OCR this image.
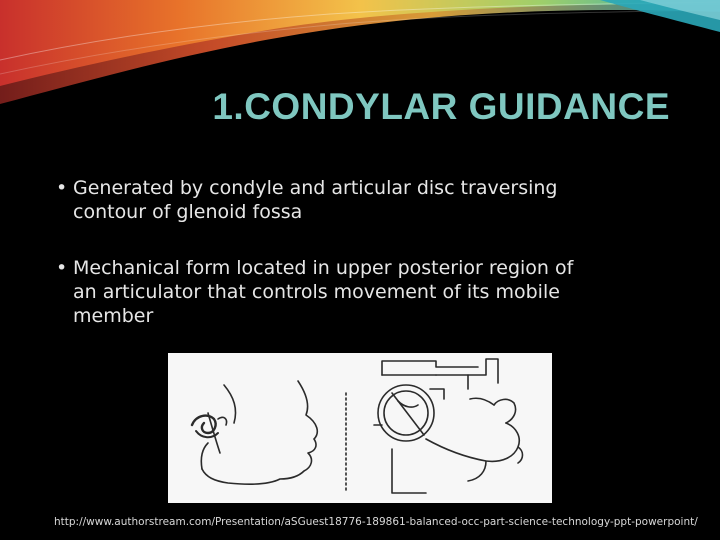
1.CONDYLAR GUIDANCE
• Generated by condyle and articular disc traversing
contour of glenoid fossa
• Mechanical form located in upper posterior region of
an articulator that controls movement of its mobile
member
http://www.authorstream.com/Presentation/aSGuest18776-189861-balanced-occ-part-science-technology-ppt-powerpoint/
